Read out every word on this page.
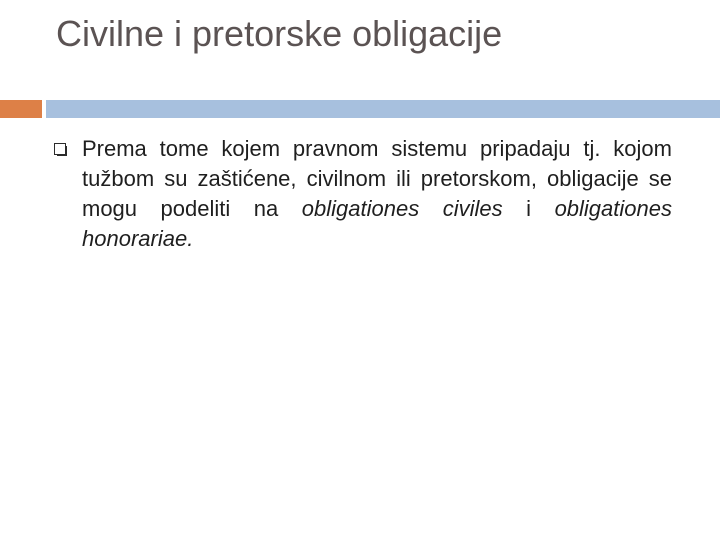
Civilne i pretorske obligacije
Prema tome kojem pravnom sistemu pripadaju tj. kojom tužbom su zaštićene, civilnom ili pretorskom, obligacije se mogu podeliti na obligationes civiles i obligationes honorariae.
